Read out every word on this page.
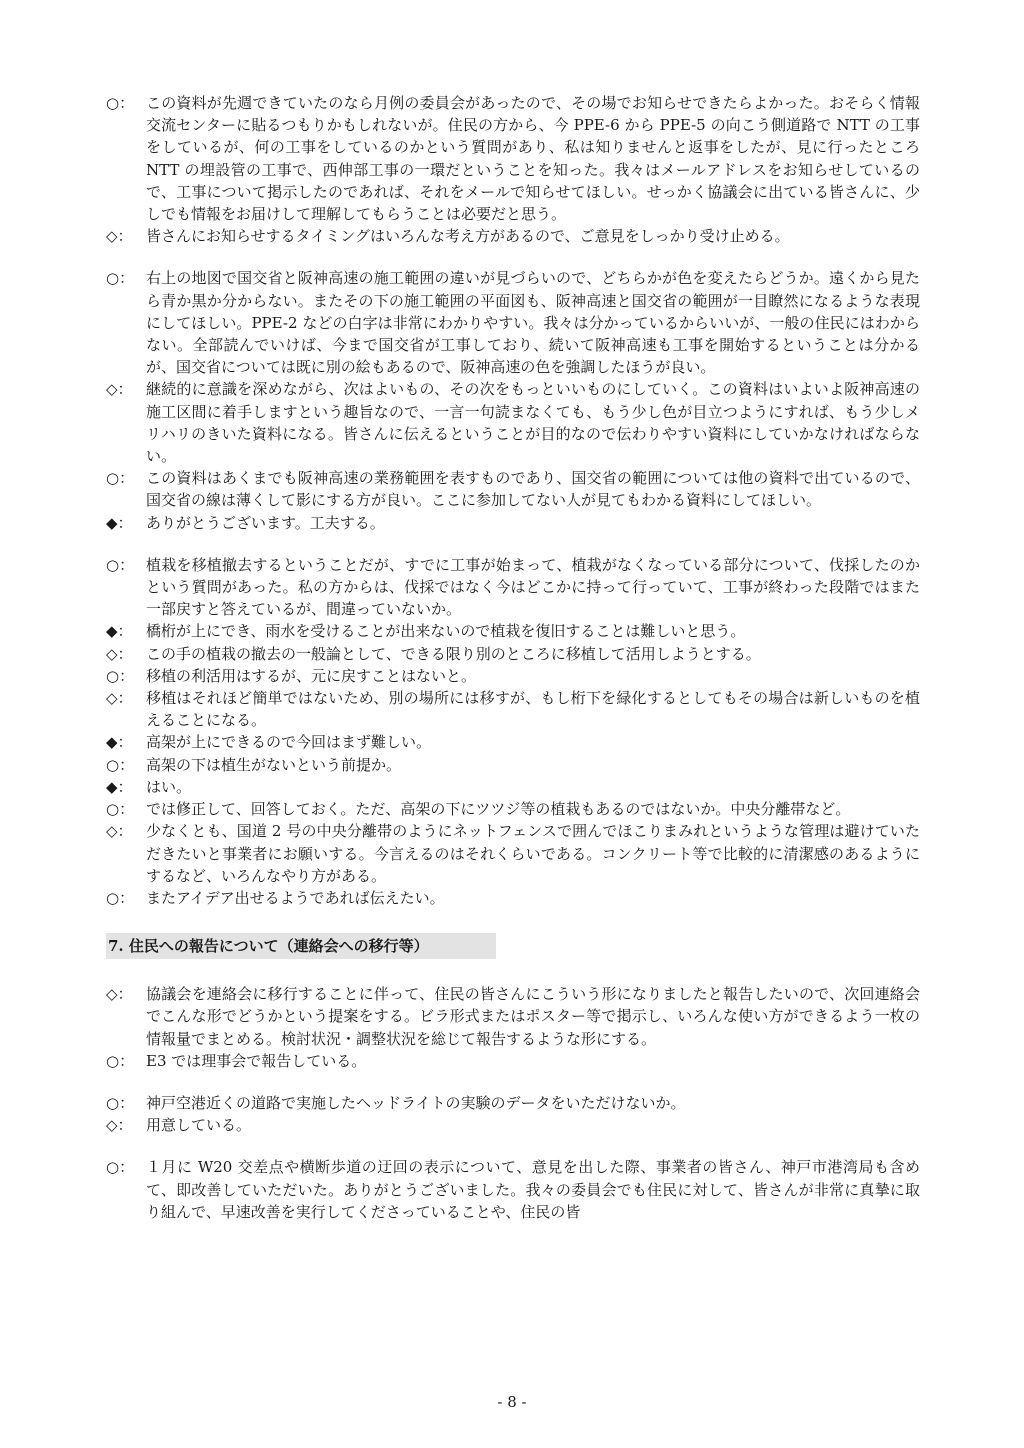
○： この資料が先週できていたのなら月例の委員会があったので、その場でお知らせできたらよかった。おそらく情報交流センターに貼るつもりかもしれないが。住民の方から、今 PPE-6 から PPE-5 の向こう側道路で NTT の工事をしているが、何の工事をしているのかという質問があり、私は知りませんと返事をしたが、見に行ったところ NTT の埋設管の工事で、西伸部工事の一環だということを知った。我々はメールアドレスをお知らせしているので、工事について掲示したのであれば、それをメールで知らせてほしい。せっかく協議会に出ている皆さんに、少しでも情報をお届けして理解してもらうことは必要だと思う。
◇： 皆さんにお知らせするタイミングはいろんな考え方があるので、ご意見をしっかり受け止める。
○： 右上の地図で国交省と阪神高速の施工範囲の違いが見づらいので、どちらかが色を変えたらどうか。遠くから見たら青か黒か分からない。またその下の施工範囲の平面図も、阪神高速と国交省の範囲が一目瞭然になるような表現にしてほしい。PPE-2 などの白字は非常にわかりやすい。我々は分かっているからいいが、一般の住民にはわからない。全部読んでいけば、今まで国交省が工事しており、続いて阪神高速も工事を開始するということは分かるが、国交省については既に別の絵もあるので、阪神高速の色を強調したほうが良い。
◇： 継続的に意識を深めながら、次はよいもの、その次をもっといいものにしていく。この資料はいよいよ阪神高速の施工区間に着手しますという趣旨なので、一言一句読まなくても、もう少し色が目立つようにすれば、もう少しメリハリのきいた資料になる。皆さんに伝えるということが目的なので伝わりやすい資料にしていかなければならない。
○： この資料はあくまでも阪神高速の業務範囲を表すものであり、国交省の範囲については他の資料で出ているので、国交省の線は薄くして影にする方が良い。ここに参加してない人が見てもわかる資料にしてほしい。
◆： ありがとうございます。工夫する。
○： 植栽を移植撤去するということだが、すでに工事が始まって、植栽がなくなっている部分について、伐採したのかという質問があった。私の方からは、伐採ではなく今はどこかに持って行っていて、工事が終わった段階ではまた一部戻すと答えているが、間違っていないか。
◆： 橋桁が上にでき、雨水を受けることが出来ないので植栽を復旧することは難しいと思う。
◇： この手の植栽の撤去の一般論として、できる限り別のところに移植して活用しようとする。
○： 移植の利活用はするが、元に戻すことはないと。
◇： 移植はそれほど簡単ではないため、別の場所には移すが、もし桁下を緑化するとしてもその場合は新しいものを植えることになる。
◆： 高架が上にできるので今回はまず難しい。
○： 高架の下は植生がないという前提か。
◆： はい。
○： では修正して、回答しておく。ただ、高架の下にツツジ等の植栽もあるのではないか。中央分離帯など。
◇： 少なくとも、国道 2 号の中央分離帯のようにネットフェンスで囲んでほこりまみれというような管理は避けていただきたいと事業者にお願いする。今言えるのはそれくらいである。コンクリート等で比較的に清潔感のあるようにするなど、いろんなやり方がある。
○： またアイデア出せるようであれば伝えたい。
7. 住民への報告について（連絡会への移行等）
◇： 協議会を連絡会に移行することに伴って、住民の皆さんにこういう形になりましたと報告したいので、次回連絡会でこんな形でどうかという提案をする。ビラ形式またはポスター等で掲示し、いろんな使い方ができるよう一枚の情報量でまとめる。検討状況・調整状況を総じて報告するような形にする。
○： E3 では理事会で報告している。
○： 神戸空港近くの道路で実施したヘッドライトの実験のデータをいただけないか。
◇： 用意している。
○： １月に W20 交差点や横断歩道の迂回の表示について、意見を出した際、事業者の皆さん、神戸市港湾局も含めて、即改善していただいた。ありがとうございました。我々の委員会でも住民に対して、皆さんが非常に真摯に取り組んで、早速改善を実行してくださっていることや、住民の皆
- 8 -
